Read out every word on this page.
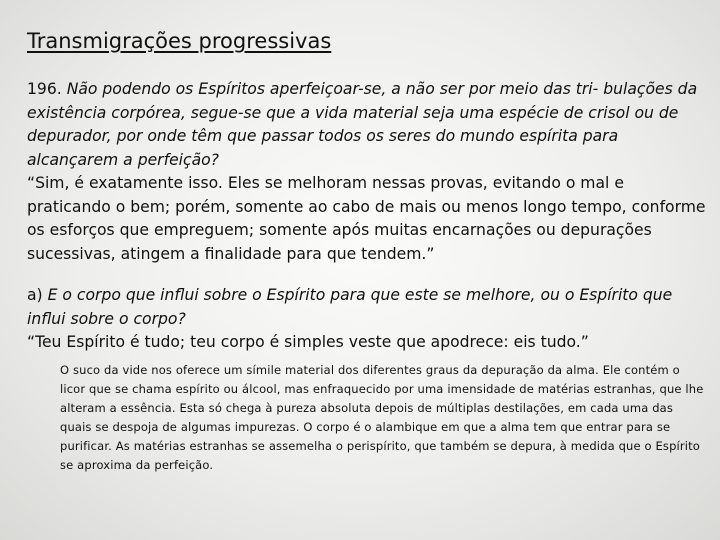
Transmigrações progressivas

196. Não podendo os Espíritos aperfeiçoar-se, a não ser por meio das tri- bulações da existência corpórea, segue-se que a vida material seja uma espécie de crisol ou de depurador, por onde têm que passar todos os seres do mundo espírita para alcançarem a perfeição?

“Sim, é exatamente isso. Eles se melhoram nessas provas, evitando o mal e praticando o bem; porém, somente ao cabo de mais ou menos longo tempo, conforme os esforços que empreguem; somente após muitas encarnações ou depurações sucessivas, atingem a finalidade para que tendem.”

a) E o corpo que influi sobre o Espírito para que este se melhore, ou o Espírito que influi sobre o corpo?

“Teu Espírito é tudo; teu corpo é simples veste que apodrece: eis tudo.”

O suco da vide nos oferece um símile material dos diferentes graus da depuração da alma. Ele contém o licor que se chama espírito ou álcool, mas enfraquecido por uma imensidade de matérias estranhas, que lhe alteram a essência. Esta só chega à pureza absoluta depois de múltiplas destilações, em cada uma das quais se despoja de algumas impurezas. O corpo é o alambique em que a alma tem que entrar para se purificar. As matérias estranhas se assemelha o perispírito, que também se depura, à medida que o Espírito se aproxima da perfeição.
